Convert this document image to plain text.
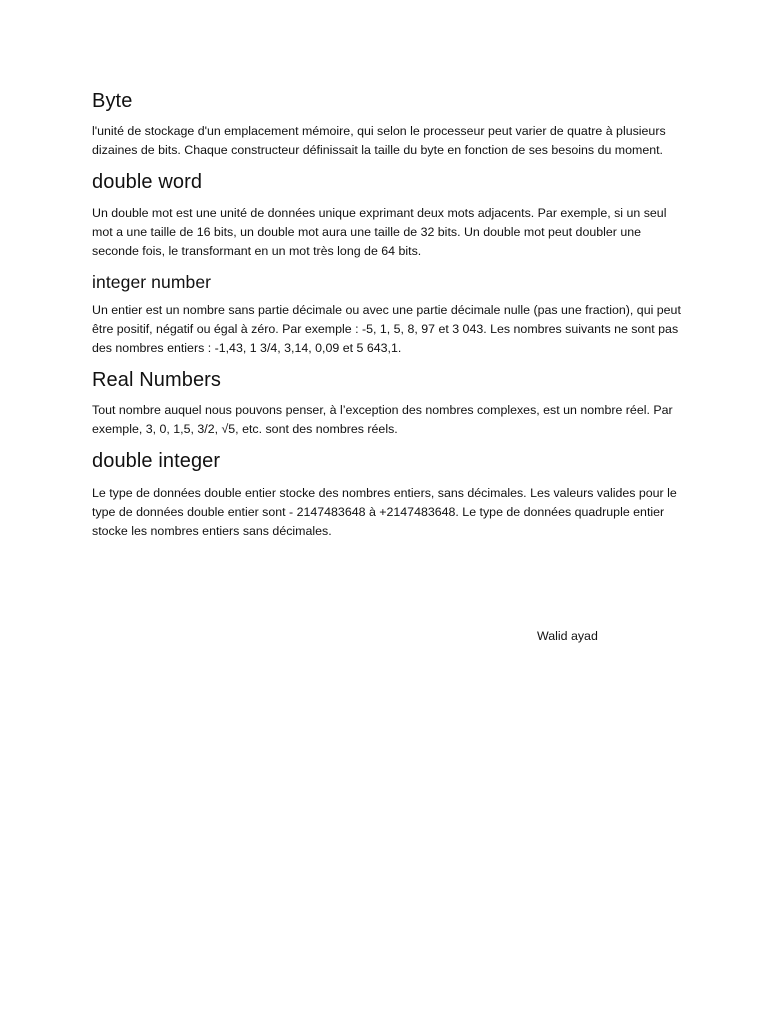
Byte

l'unité de stockage d'un emplacement mémoire, qui selon le processeur peut varier de quatre à plusieurs dizaines de bits. Chaque constructeur définissait la taille du byte en fonction de ses besoins du moment.

double word

Un double mot est une unité de données unique exprimant deux mots adjacents. Par exemple, si un seul mot a une taille de 16 bits, un double mot aura une taille de 32 bits. Un double mot peut doubler une seconde fois, le transformant en un mot très long de 64 bits.

integer number

Un entier est un nombre sans partie décimale ou avec une partie décimale nulle (pas une fraction), qui peut être positif, négatif ou égal à zéro. Par exemple : -5, 1, 5, 8, 97 et 3 043. Les nombres suivants ne sont pas des nombres entiers : -1,43, 1 3/4, 3,14, 0,09 et 5 643,1.

Real Numbers

Tout nombre auquel nous pouvons penser, à l’exception des nombres complexes, est un nombre réel. Par exemple, 3, 0, 1,5, 3/2, √5, etc. sont des nombres réels.

double integer

Le type de données double entier stocke des nombres entiers, sans décimales. Les valeurs valides pour le type de données double entier sont - 2147483648 à +2147483648. Le type de données quadruple entier stocke les nombres entiers sans décimales.

Walid ayad
